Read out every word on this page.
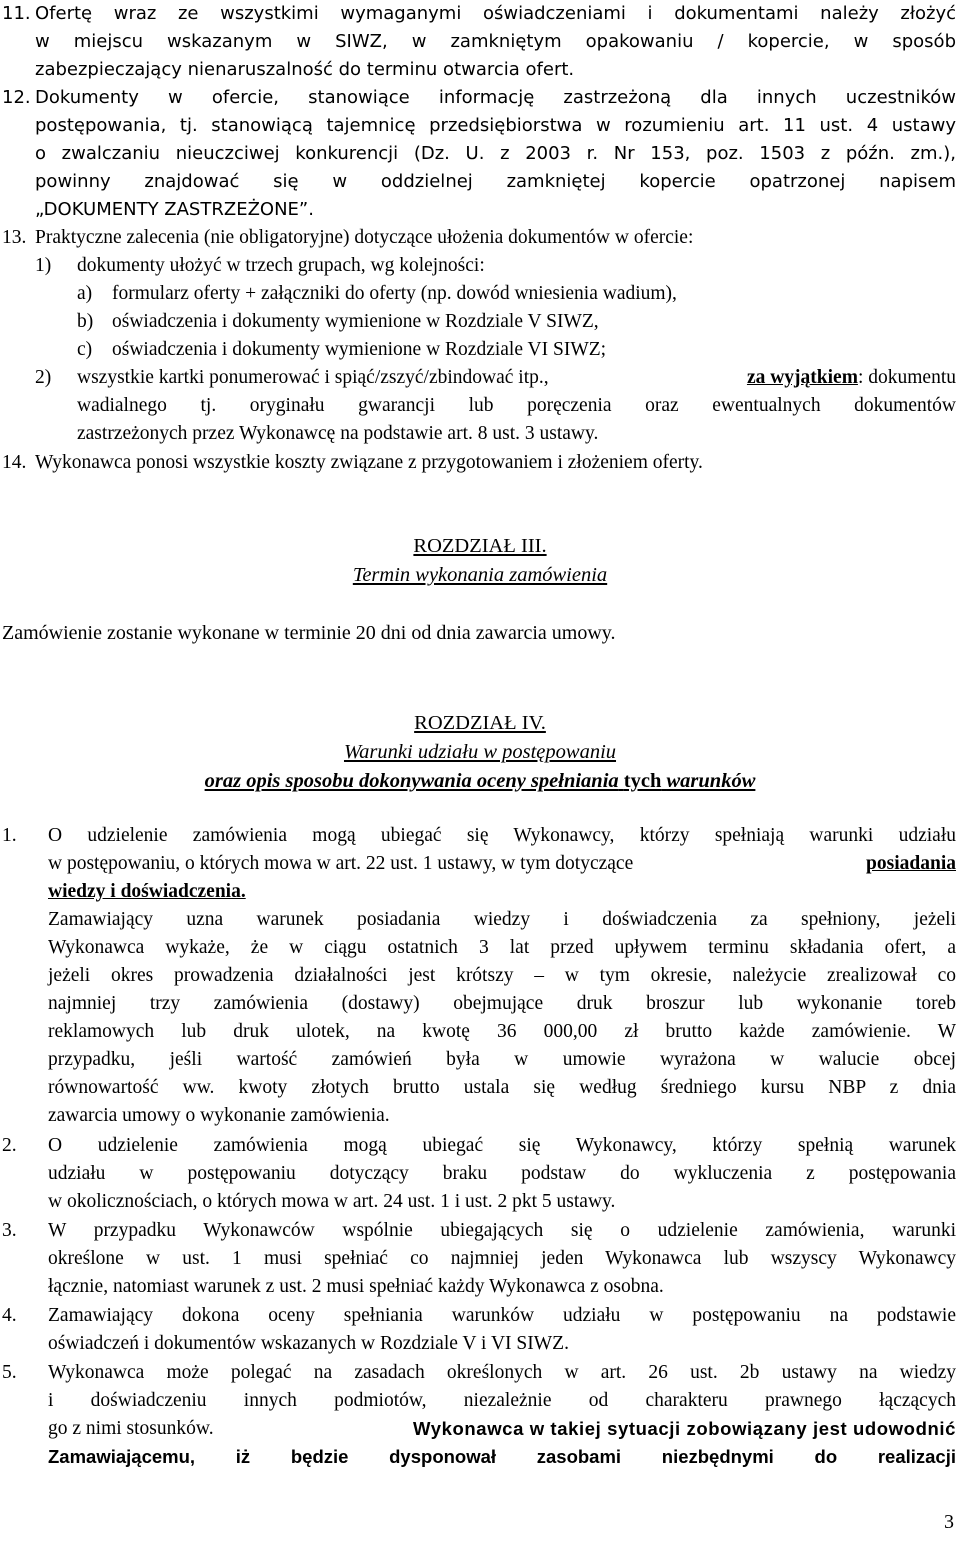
11. Ofertę wraz ze wszystkimi wymaganymi oświadczeniami i dokumentami należy złożyć
w miejscu wskazanym w SIWZ, w zamkniętym opakowaniu / kopercie, w sposób
zabezpieczający nienaruszalność do terminu otwarcia ofert.
12. Dokumenty w ofercie, stanowiące informację zastrzeżoną dla innych uczestników
postępowania, tj. stanowiącą tajemnicę przedsiębiorstwa w rozumieniu art. 11 ust. 4 ustawy
o zwalczaniu nieuczciwej konkurencji (Dz. U. z 2003 r. Nr 153, poz. 1503 z późn. zm.),
powinny znajdować się w oddzielnej zamkniętej kopercie opatrzonej napisem
„DOKUMENTY ZASTRZEŻONE”.
13. Praktyczne zalecenia (nie obligatoryjne) dotyczące ułożenia dokumentów w ofercie:
1) dokumenty ułożyć w trzech grupach, wg kolejności:
a) formularz oferty + załączniki do oferty (np. dowód wniesienia wadium),
b) oświadczenia i dokumenty wymienione w Rozdziale V SIWZ,
c) oświadczenia i dokumenty wymienione w Rozdziale VI SIWZ;
2) wszystkie kartki ponumerować i spiąć/zszyć/zbindować itp.,	za wyjątkiem: dokumentu
wadialnego tj. oryginału gwarancji lub poręczenia oraz ewentualnych dokumentów
zastrzeżonych przez Wykonawcę na podstawie art. 8 ust. 3 ustawy.
14. Wykonawca ponosi wszystkie koszty związane z przygotowaniem i złożeniem oferty.
ROZDZIAŁ III.
Termin wykonania zamówienia
Zamówienie zostanie wykonane w terminie 20 dni od dnia zawarcia umowy.
ROZDZIAŁ IV.
Warunki udziału w postępowaniu
oraz opis sposobu dokonywania oceny spełniania tych warunków
1. O udzielenie zamówienia mogą ubiegać się Wykonawcy, którzy spełniają warunki udziału
w postępowaniu, o których mowa w art. 22 ust. 1 ustawy, w tym dotyczące	posiadania
wiedzy i doświadczenia.
Zamawiający uzna warunek posiadania wiedzy i doświadczenia za spełniony, jeżeli
Wykonawca wykaże, że w ciągu ostatnich 3 lat przed upływem terminu składania ofert, a
jeżeli okres prowadzenia działalności jest krótszy – w tym okresie, należycie zrealizował co
najmniej trzy zamówienia (dostawy) obejmujące druk broszur lub wykonanie toreb
reklamowych lub druk ulotek, na kwotę 36 000,00 zł brutto każde zamówienie. W
przypadku, jeśli wartość zamówień była w umowie wyrażona w walucie obcej
równowartość ww. kwoty złotych brutto ustala się według średniego kursu NBP z dnia
zawarcia umowy o wykonanie zamówienia.
2. O udzielenie zamówienia mogą ubiegać się Wykonawcy, którzy spełnią warunek
udziału w postępowaniu dotyczący braku podstaw do wykluczenia z postępowania
w okolicznościach, o których mowa w art. 24 ust. 1 i ust. 2 pkt 5 ustawy.
3. W przypadku Wykonawców wspólnie ubiegających się o udzielenie zamówienia, warunki
określone w ust. 1 musi spełniać co najmniej jeden Wykonawca lub wszyscy Wykonawcy
łącznie, natomiast warunek z ust. 2 musi spełniać każdy Wykonawca z osobna.
4. Zamawiający dokona oceny spełniania warunków udziału w postępowaniu na podstawie
oświadczeń i dokumentów wskazanych w Rozdziale V i VI SIWZ.
5. Wykonawca może polegać na zasadach określonych w art. 26 ust. 2b ustawy na wiedzy
i doświadczeniu innych podmiotów, niezależnie od charakteru prawnego łączących
go z nimi stosunków.	Wykonawca w takiej sytuacji zobowiązany jest udowodnić
Zamawiającemu, iż będzie dysponował zasobami niezbędnymi do realizacji
3
